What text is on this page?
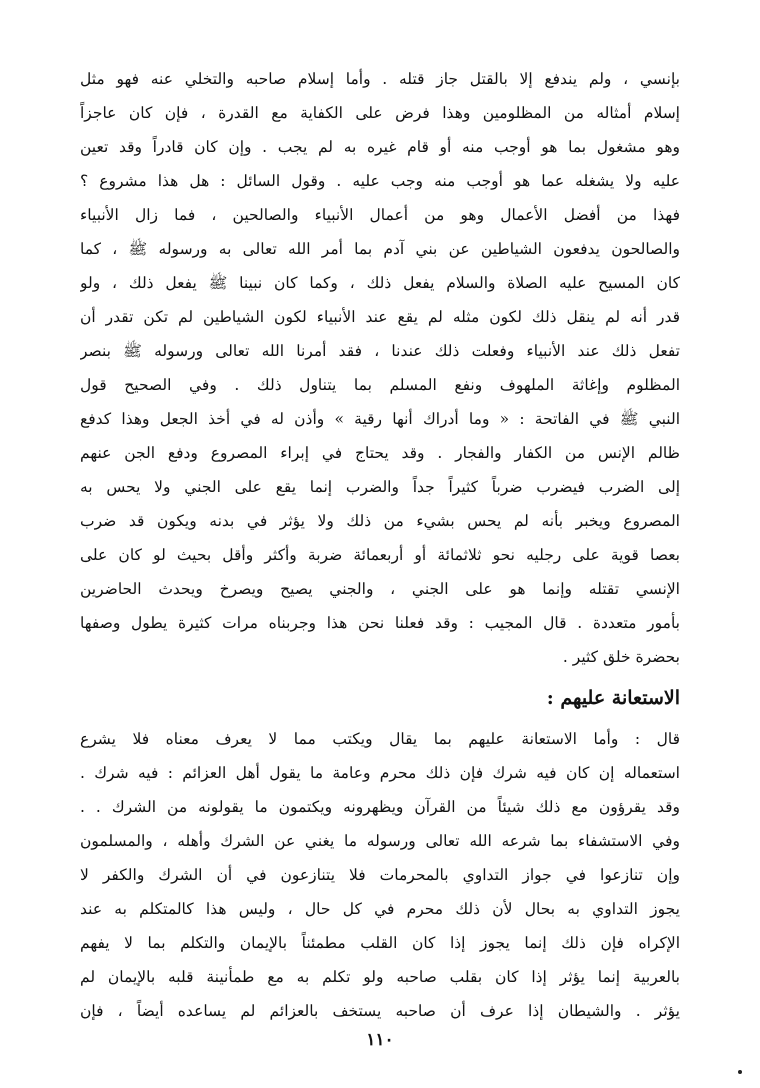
بإنسي ، ولم يندفع إلا بالقتل جاز قتله . وأما إسلام صاحبه والتخلي عنه فهو مثل
إسلام أمثاله من المظلومين وهذا فرض على الكفاية مع القدرة ، فإن كان عاجزاً
وهو مشغول بما هو أوجب منه أو قام غيره به لم يجب . وإن كان قادراً وقد تعين
عليه ولا يشغله عما هو أوجب منه وجب عليه . وقول السائل : هل هذا مشروع ؟
فهذا من أفضل الأعمال وهو من أعمال الأنبياء والصالحين ، فما زال الأنبياء
والصالحون يدفعون الشياطين عن بني آدم بما أمر الله تعالى به ورسوله ﷺ ، كما
كان المسيح عليه الصلاة والسلام يفعل ذلك ، وكما كان نبينا ﷺ يفعل ذلك ، ولو
قدر أنه لم ينقل ذلك لكون مثله لم يقع عند الأنبياء لكون الشياطين لم تكن تقدر أن
تفعل ذلك عند الأنبياء وفعلت ذلك عندنا ، فقد أمرنا الله تعالى ورسوله ﷺ بنصر
المظلوم وإغاثة الملهوف ونفع المسلم بما يتناول ذلك . وفي الصحيح قول
النبي ﷺ في الفاتحة : « وما أدراك أنها رقية » وأذن له في أخذ الجعل وهذا كدفع
ظالم الإنس من الكفار والفجار . وقد يحتاج في إبراء المصروع ودفع الجن عنهم
إلى الضرب فيضرب ضرباً كثيراً جداً والضرب إنما يقع على الجني ولا يحس به
المصروع ويخبر بأنه لم يحس بشيء من ذلك ولا يؤثر في بدنه ويكون قد ضرب
بعصا قوية على رجليه نحو ثلاثمائة أو أربعمائة ضربة وأكثر وأقل بحيث لو كان على
الإنسي تقتله وإنما هو على الجني ، والجني يصيح ويصرخ ويحدث الحاضرين
بأمور متعددة . قال المجيب : وقد فعلنا نحن هذا وجربناه مرات كثيرة يطول وصفها
بحضرة خلق كثير .
الاستعانة عليهم :
قال : وأما الاستعانة عليهم بما يقال ويكتب مما لا يعرف معناه فلا يشرع
استعماله إن كان فيه شرك فإن ذلك محرم وعامة ما يقول أهل العزائم : فيه شرك .
وقد يقرؤون مع ذلك شيئاً من القرآن ويظهرونه ويكتمون ما يقولونه من الشرك . .
وفي الاستشفاء بما شرعه الله تعالى ورسوله ما يغني عن الشرك وأهله ، والمسلمون
وإن تنازعوا في جواز التداوي بالمحرمات فلا يتنازعون في أن الشرك والكفر لا
يجوز التداوي به بحال لأن ذلك محرم في كل حال ، وليس هذا كالمتكلم به عند
الإكراه فإن ذلك إنما يجوز إذا كان القلب مطمئناً بالإيمان والتكلم بما لا يفهم
بالعربية إنما يؤثر إذا كان بقلب صاحبه ولو تكلم به مع طمأنينة قلبه بالإيمان لم
يؤثر . والشيطان إذا عرف أن صاحبه يستخف بالعزائم لم يساعده أيضاً ، فإن
١١٠
